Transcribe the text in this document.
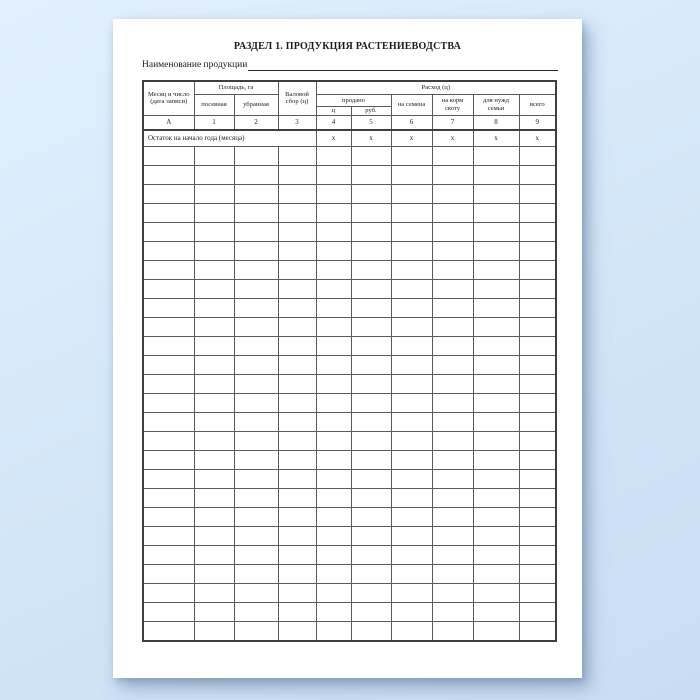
РАЗДЕЛ 1. ПРОДУКЦИЯ РАСТЕНИЕВОДСТВА
Наименование продукции
Месяц и число (дата записи)	Площадь, га		Валовой сбор (ц)	Расход (ц)					
	посевная	убранная		продано		на семена	на корм скоту	для нужд семьи	всего
				ц	руб.				
А	1	2	3	4	5	6	7	8	9
Остаток на начало года (месяца)				х	х	х	х	х	х
